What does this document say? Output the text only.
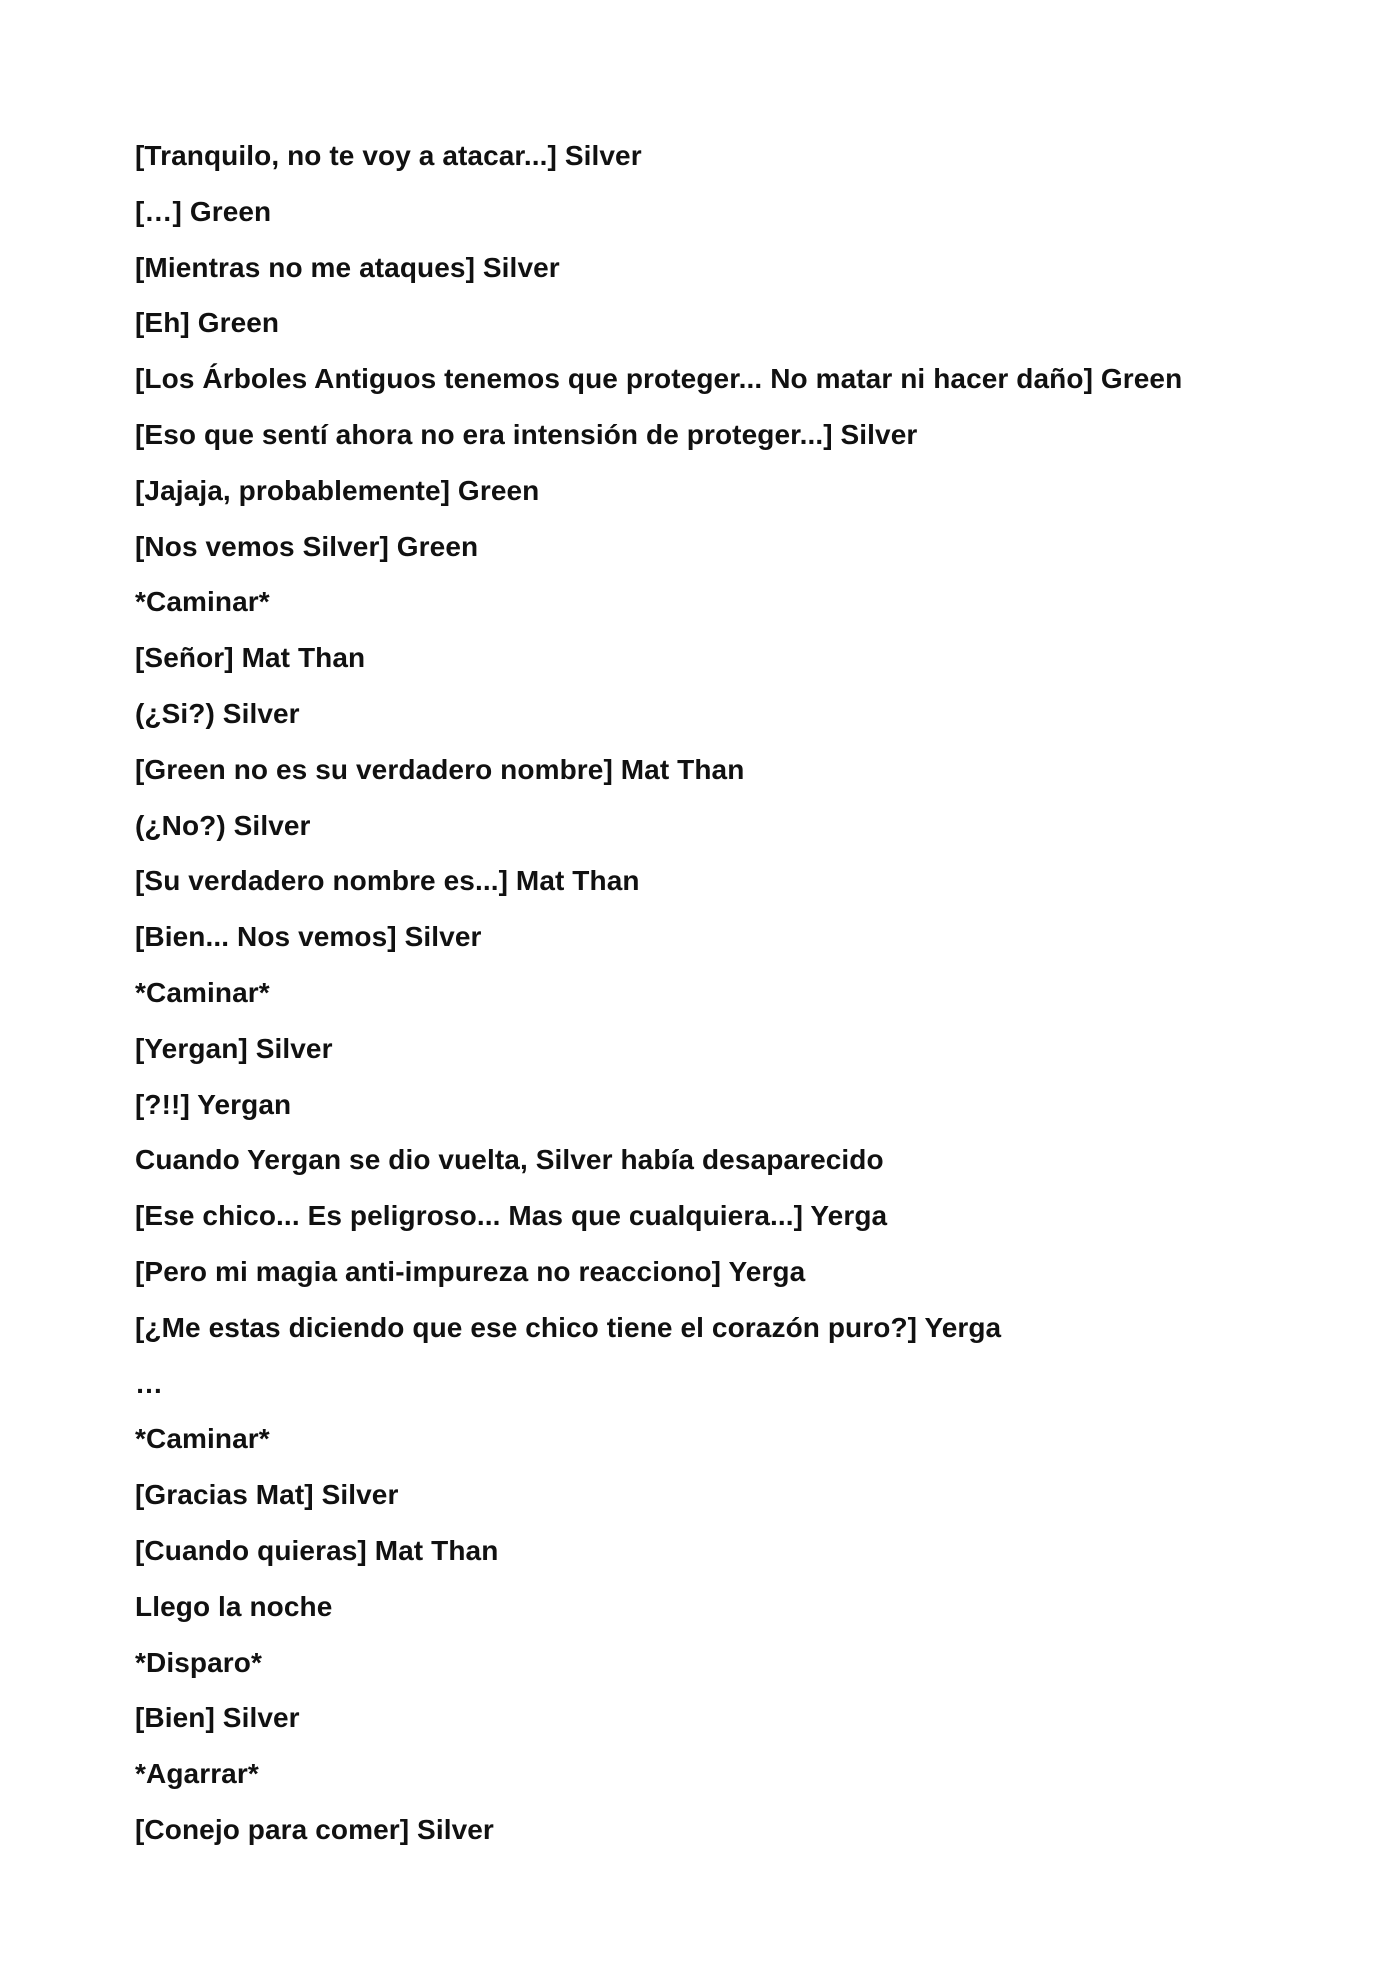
[Tranquilo, no te voy a atacar...] Silver
[…] Green
[Mientras no me ataques] Silver
[Eh] Green
[Los Árboles Antiguos tenemos que proteger... No matar ni hacer daño] Green
[Eso que sentí ahora no era intensión de proteger...] Silver
[Jajaja, probablemente] Green
[Nos vemos Silver] Green
*Caminar*
[Señor] Mat Than
(¿Si?) Silver
[Green no es su verdadero nombre] Mat Than
(¿No?) Silver
[Su verdadero nombre es...] Mat Than
[Bien... Nos vemos] Silver
*Caminar*
[Yergan] Silver
[?!!] Yergan
Cuando Yergan se dio vuelta, Silver había desaparecido
[Ese chico... Es peligroso... Mas que cualquiera...] Yerga
[Pero mi magia anti-impureza no reacciono] Yerga
[¿Me estas diciendo que ese chico tiene el corazón puro?] Yerga
…
*Caminar*
[Gracias Mat] Silver
[Cuando quieras] Mat Than
Llego la noche
*Disparo*
[Bien] Silver
*Agarrar*
[Conejo para comer] Silver
